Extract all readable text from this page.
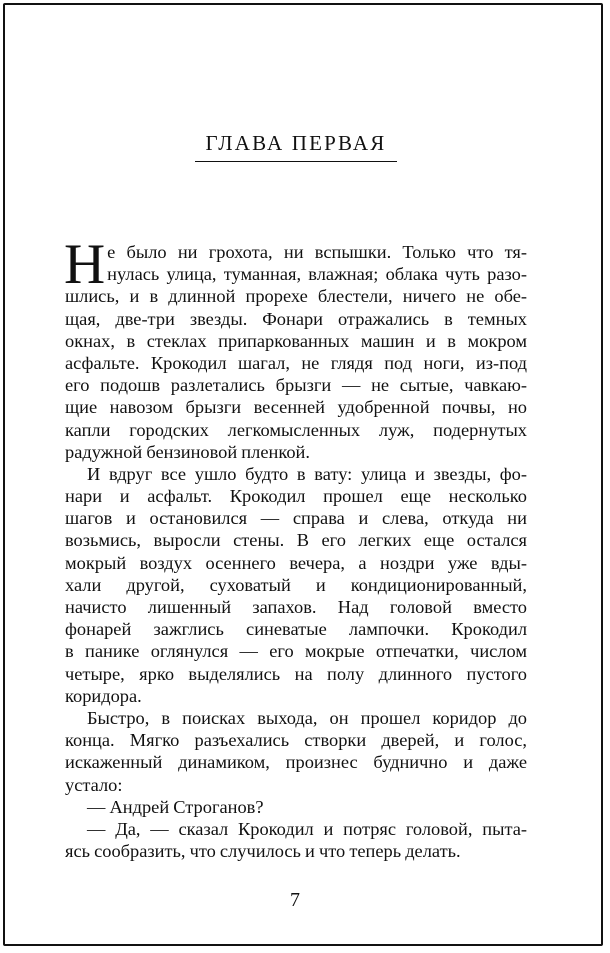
ГЛАВА ПЕРВАЯ
Н е было ни грохота, ни вспышки. Только что тя-
нулась улица, туманная, влажная; облака чуть разо-
шлись, и в длинной прорехе блестели, ничего не обе-
щая, две-три звезды. Фонари отражались в темных
окнах, в стеклах припаркованных машин и в мокром
асфальте. Крокодил шагал, не глядя под ноги, из-под
его подошв разлетались брызги — не сытые, чавкаю-
щие навозом брызги весенней удобренной почвы, но
капли городских легкомысленных луж, подернутых
радужной бензиновой пленкой.
И вдруг все ушло будто в вату: улица и звезды, фо-
нари и асфальт. Крокодил прошел еще несколько
шагов и остановился — справа и слева, откуда ни
возьмись, выросли стены. В его легких еще остался
мокрый воздух осеннего вечера, а ноздри уже вды-
хали другой, суховатый и кондиционированный,
начисто лишенный запахов. Над головой вместо
фонарей зажглись синеватые лампочки. Крокодил
в панике оглянулся — его мокрые отпечатки, числом
четыре, ярко выделялись на полу длинного пустого
коридора.
Быстро, в поисках выхода, он прошел коридор до
конца. Мягко разъехались створки дверей, и голос,
искаженный динамиком, произнес буднично и даже
устало:
— Андрей Строганов?
— Да, — сказал Крокодил и потряс головой, пыта-
ясь сообразить, что случилось и что теперь делать.
7
